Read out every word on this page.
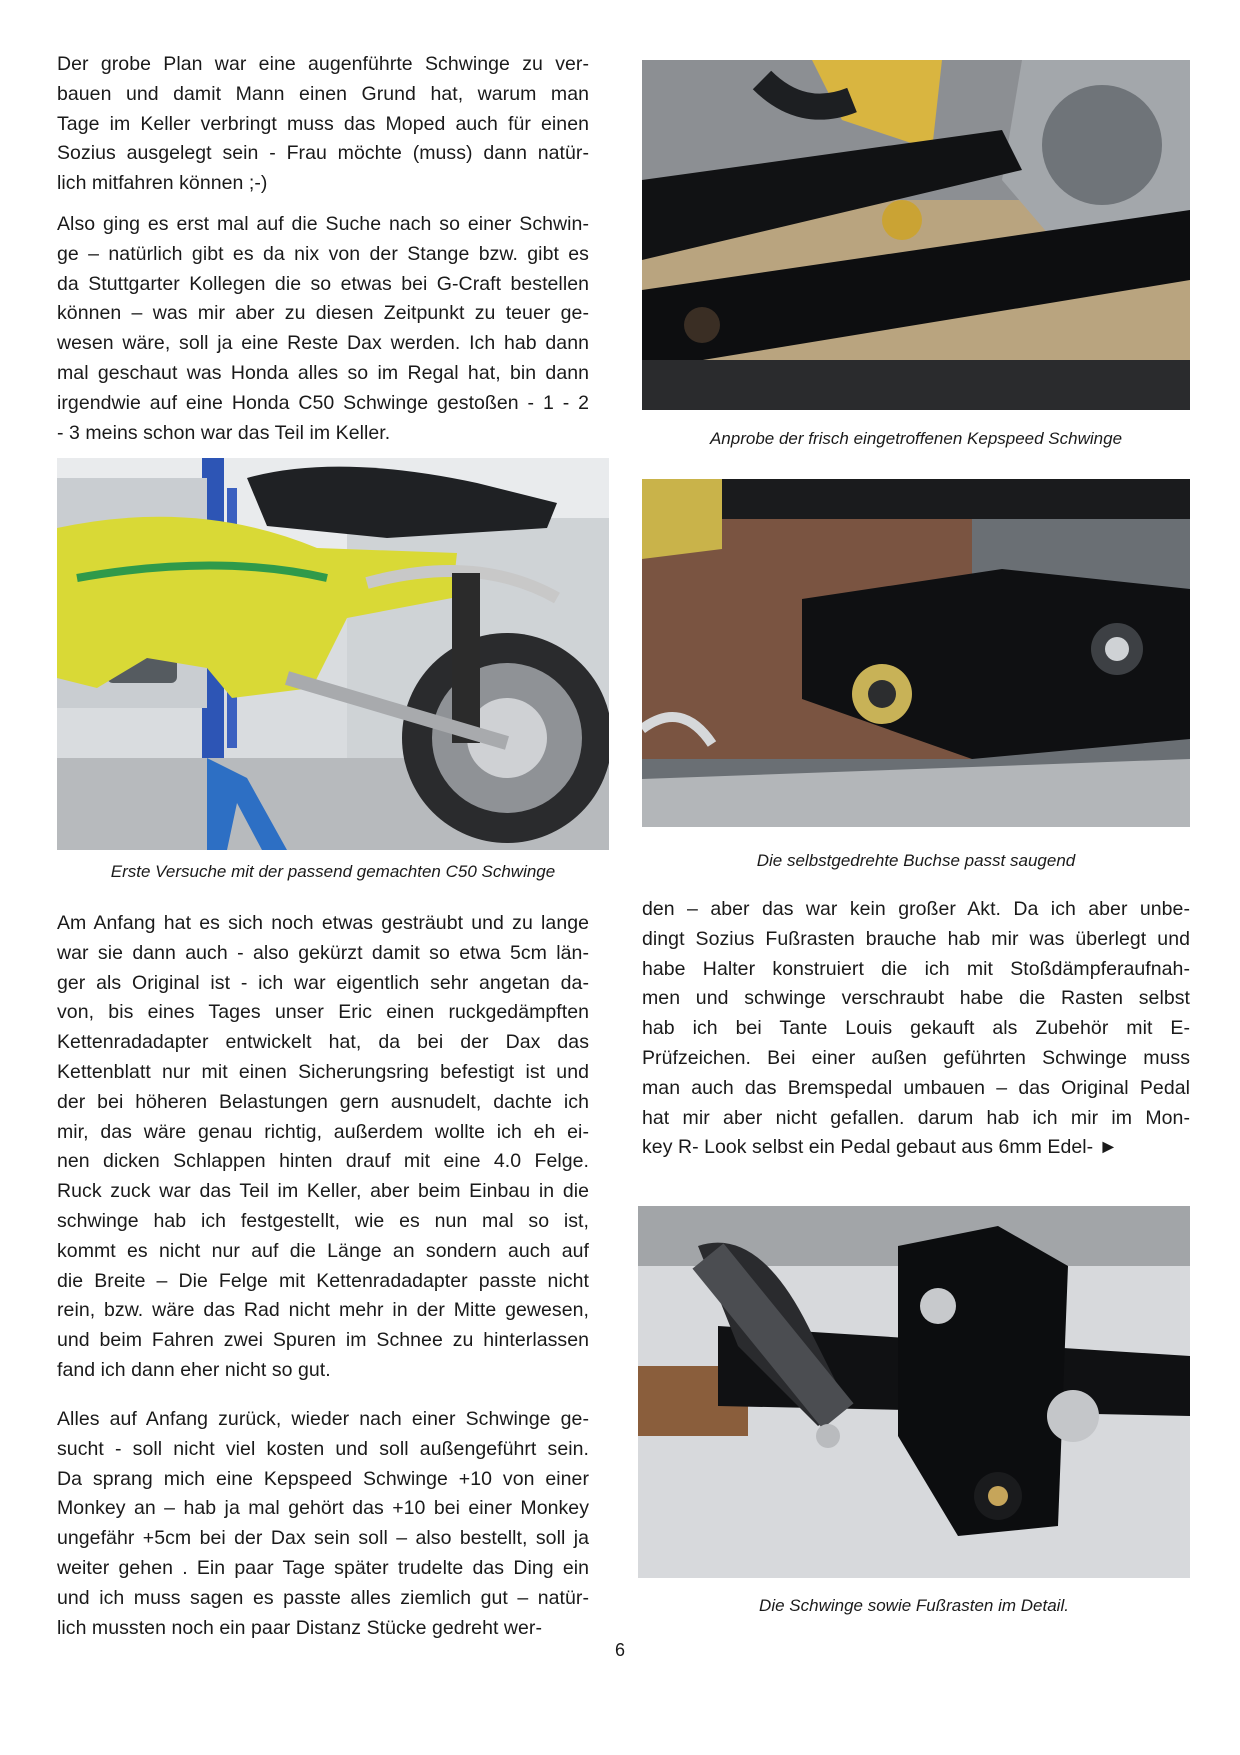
Der grobe Plan war eine augenführte Schwinge zu ver-
bauen und damit Mann einen Grund hat, warum man
Tage im Keller verbringt muss das Moped auch für einen
Sozius ausgelegt sein - Frau möchte (muss) dann natür-
lich mitfahren können ;-)
Also ging es erst mal auf die Suche nach so einer Schwin-
ge – natürlich gibt es da nix von der Stange bzw. gibt es
da Stuttgarter Kollegen die so etwas bei G-Craft bestellen
können – was mir aber zu diesen Zeitpunkt zu teuer ge-
wesen wäre, soll ja eine Reste Dax werden. Ich hab dann
mal geschaut was Honda alles so im Regal hat, bin dann
irgendwie auf eine Honda C50 Schwinge gestoßen - 1 - 2
- 3 meins schon war das Teil im Keller.
Erste Versuche mit der passend gemachten C50 Schwinge
Am Anfang hat es sich noch etwas gesträubt und zu lange
war sie dann auch - also gekürzt damit so etwa 5cm län-
ger als Original ist - ich war eigentlich sehr angetan da-
von, bis eines Tages unser Eric einen ruckgedämpften
Kettenradadapter entwickelt hat, da bei der Dax das
Kettenblatt nur mit einen Sicherungsring befestigt ist und
der bei höheren Belastungen gern ausnudelt, dachte ich
mir, das wäre genau richtig, außerdem wollte ich eh ei-
nen dicken Schlappen hinten drauf mit eine 4.0 Felge.
Ruck zuck war das Teil im Keller, aber beim Einbau in die
schwinge hab ich festgestellt, wie es nun mal so ist,
kommt es nicht nur auf die Länge an sondern auch auf
die Breite – Die Felge mit Kettenradadapter passte nicht
rein, bzw. wäre das Rad nicht mehr in der Mitte gewesen,
und beim Fahren zwei Spuren im Schnee zu hinterlassen
fand ich dann eher nicht so gut.
Alles auf Anfang zurück, wieder nach einer Schwinge ge-
sucht - soll nicht viel kosten und soll außengeführt sein.
Da sprang mich eine Kepspeed Schwinge +10 von einer
Monkey an – hab ja mal gehört das +10 bei einer Monkey
ungefähr +5cm bei der Dax sein soll – also bestellt, soll ja
weiter gehen . Ein paar Tage später trudelte das Ding ein
und ich muss sagen es passte alles ziemlich gut – natür-
lich mussten noch ein paar Distanz Stücke gedreht wer-
Anprobe der frisch eingetroffenen Kepspeed Schwinge
Die selbstgedrehte Buchse passt saugend
den – aber das war kein großer Akt. Da ich aber unbe-
dingt Sozius Fußrasten brauche hab mir was überlegt und
habe Halter konstruiert die ich mit Stoßdämpferaufnah-
men und schwinge verschraubt habe die Rasten selbst
hab ich bei Tante Louis gekauft als Zubehör mit E-
Prüfzeichen. Bei einer außen geführten Schwinge muss
man auch das Bremspedal umbauen – das Original Pedal
hat mir aber nicht gefallen. darum hab ich mir im Mon-
key R- Look selbst ein Pedal gebaut aus 6mm Edel- ►
Die Schwinge sowie Fußrasten im Detail.
6
